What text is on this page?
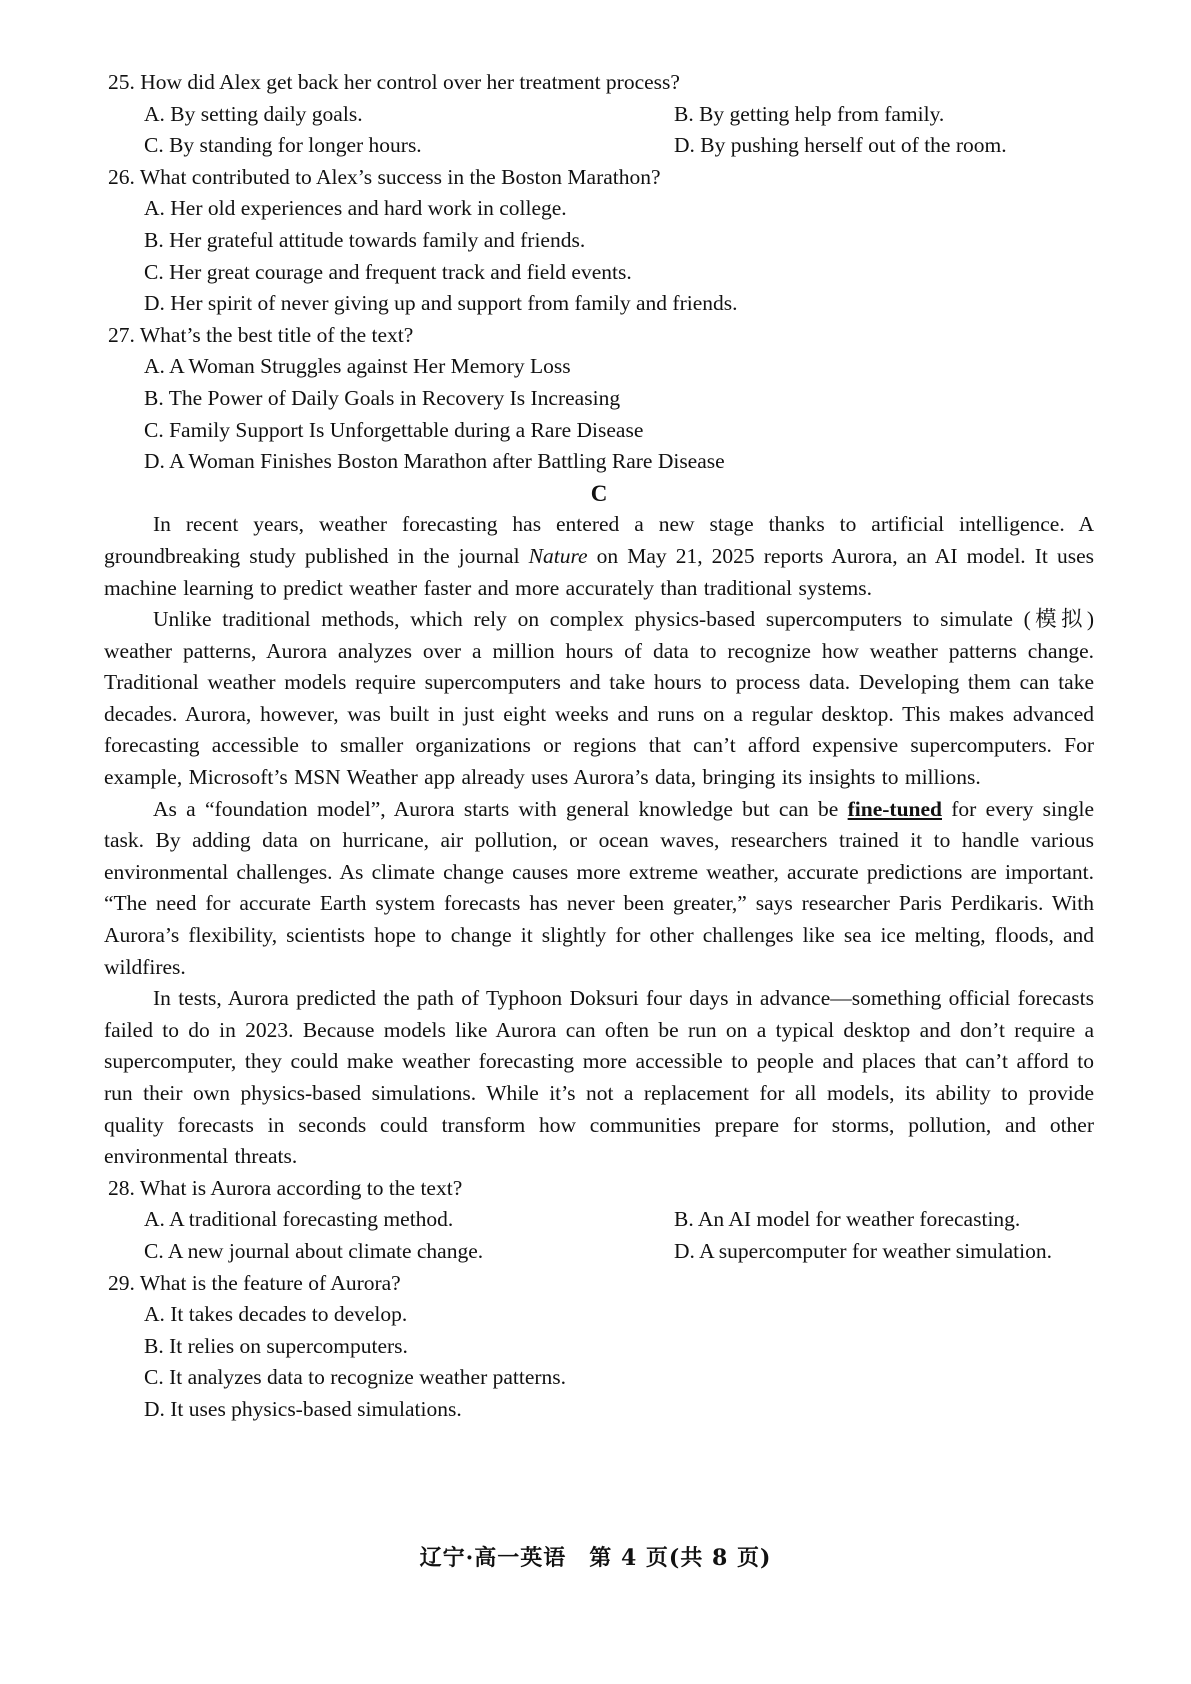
25. How did Alex get back her control over her treatment process?
A. By setting daily goals.	B. By getting help from family.
C. By standing for longer hours.	D. By pushing herself out of the room.
26. What contributed to Alex’s success in the Boston Marathon?
A. Her old experiences and hard work in college.
B. Her grateful attitude towards family and friends.
C. Her great courage and frequent track and field events.
D. Her spirit of never giving up and support from family and friends.
27. What’s the best title of the text?
A. A Woman Struggles against Her Memory Loss
B. The Power of Daily Goals in Recovery Is Increasing
C. Family Support Is Unforgettable during a Rare Disease
D. A Woman Finishes Boston Marathon after Battling Rare Disease
C

In recent years, weather forecasting has entered a new stage thanks to artificial intelligence. A groundbreaking study published in the journal Nature on May 21, 2025 reports Aurora, an AI model. It uses machine learning to predict weather faster and more accurately than traditional systems.

Unlike traditional methods, which rely on complex physics-based supercomputers to simulate (模拟) weather patterns, Aurora analyzes over a million hours of data to recognize how weather patterns change. Traditional weather models require supercomputers and take hours to process data. Developing them can take decades. Aurora, however, was built in just eight weeks and runs on a regular desktop. This makes advanced forecasting accessible to smaller organizations or regions that can’t afford expensive supercomputers. For example, Microsoft’s MSN Weather app already uses Aurora’s data, bringing its insights to millions.

As a “foundation model”, Aurora starts with general knowledge but can be fine-tuned for every single task. By adding data on hurricane, air pollution, or ocean waves, researchers trained it to handle various environmental challenges. As climate change causes more extreme weather, accurate predictions are important. “The need for accurate Earth system forecasts has never been greater,” says researcher Paris Perdikaris. With Aurora’s flexibility, scientists hope to change it slightly for other challenges like sea ice melting, floods, and wildfires.

In tests, Aurora predicted the path of Typhoon Doksuri four days in advance—something official forecasts failed to do in 2023. Because models like Aurora can often be run on a typical desktop and don’t require a supercomputer, they could make weather forecasting more accessible to people and places that can’t afford to run their own physics-based simulations. While it’s not a replacement for all models, its ability to provide quality forecasts in seconds could transform how communities prepare for storms, pollution, and other environmental threats.

28. What is Aurora according to the text?
A. A traditional forecasting method.	B. An AI model for weather forecasting.
C. A new journal about climate change.	D. A supercomputer for weather simulation.
29. What is the feature of Aurora?
A. It takes decades to develop.
B. It relies on supercomputers.
C. It analyzes data to recognize weather patterns.
D. It uses physics-based simulations.
辽宁·高一英语　第 4 页(共 8 页)
